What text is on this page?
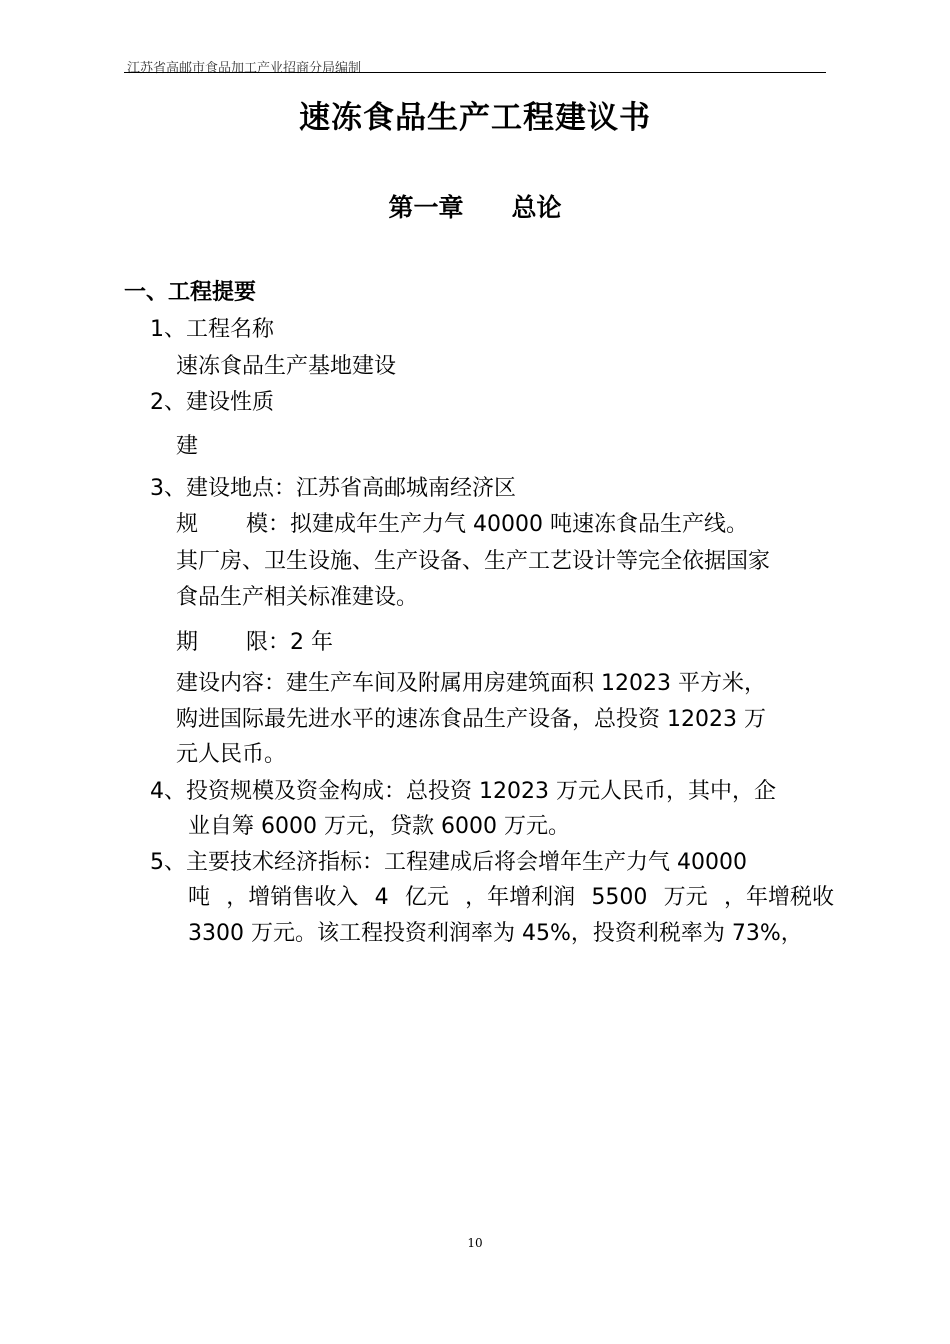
江苏省高邮市食品加工产业招商分局编制
速冻食品生产工程建议书
第一章 总论
一、工程提要
1、工程名称
速冻食品生产基地建设
2、建设性质
建
3、建设地点：江苏省高邮城南经济区
规 模：拟建成年生产力气 40000 吨速冻食品生产线。
其厂房、卫生设施、生产设备、生产工艺设计等完全依据国家
食品生产相关标准建设。
期 限：2 年
建设内容：建生产车间及附属用房建筑面积 12023 平方米，
购进国际最先进水平的速冻食品生产设备，总投资 12023 万
元人民币。
4、投资规模及资金构成：总投资 12023 万元人民币，其中，企
业自筹 6000 万元，贷款 6000 万元。
5、主要技术经济指标：工程建成后将会增年生产力气 40000
吨 ，增销售收入 4 亿元 ，年增利润 5500 万元 ，年增税收
3300 万元。该工程投资利润率为 45%，投资利税率为 73%，
10
